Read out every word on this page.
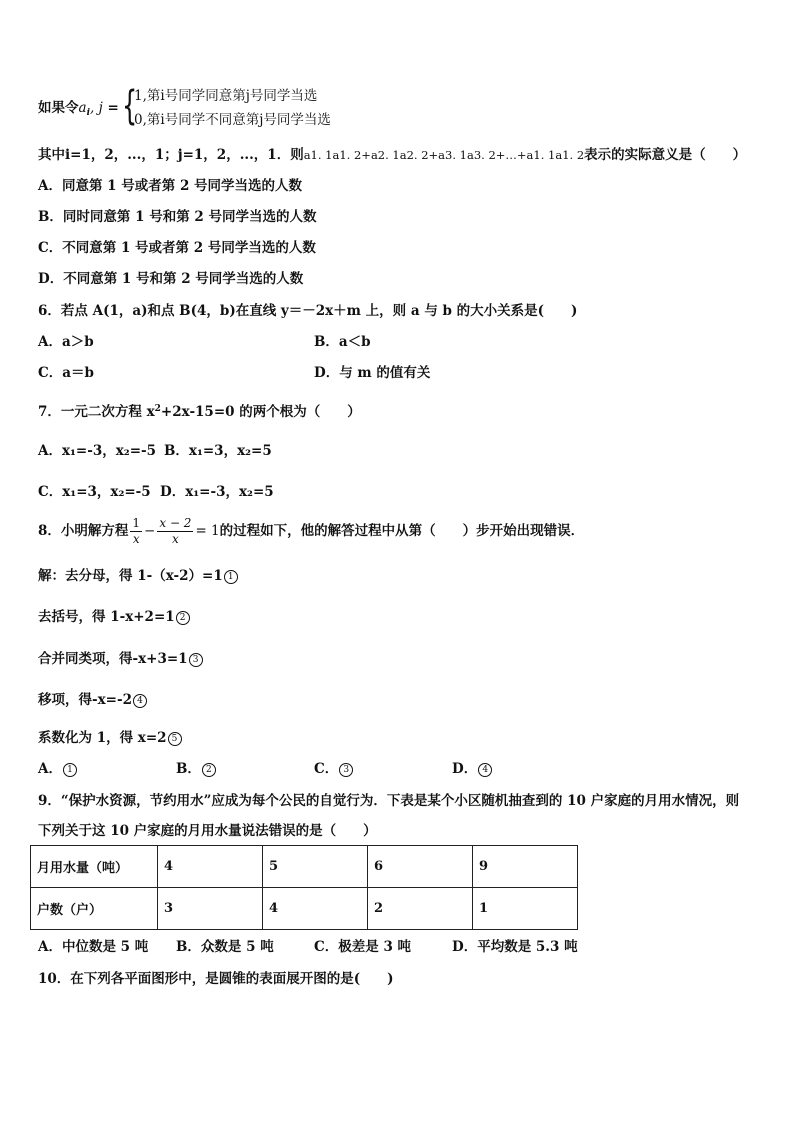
如果令$a_i$, j = {
1,第i号同学同意第j号同学当选
0,第i号同学不同意第j号同学当选
其中i=1，2，...，1；j=1，2，...，1．则a1. 1a1. 2+a2. 1a2. 2+a3. 1a3. 2+…+a1. 1a1. 2表示的实际意义是（　　）
A．同意第 1 号或者第 2 号同学当选的人数
B．同时同意第 1 号和第 2 号同学当选的人数
C．不同意第 1 号或者第 2 号同学当选的人数
D．不同意第 1 号和第 2 号同学当选的人数
6．若点 A(1，a)和点 B(4，b)在直线 y＝－2x＋m 上，则 a 与 b 的大小关系是(　　)
A．a＞b	B．a＜b
C．a＝b	D．与 m 的值有关
7．一元二次方程 $x^2+2x-15=0$ 的两个根为（　　）
A．x₁=-3，x₂=-5 B．x₁=3，x₂=5
C．x₁=3，x₂=-5 D．x₁=-3，x₂=5
8．小明解方程 $\frac{1}{x} - \frac{x - 2}{x} = 1$的过程如下，他的解答过程中从第（　　）步开始出现错误．
解：去分母，得 1-（x-2）=1 1
去括号，得 1-x+2=1 2
合并同类项，得-x+3=1 3
移项，得-x=-2 4
系数化为 1，得 x=2 5
A． 1	B． 2	C． 3	D． 4
9．“保护水资源，节约用水”应成为每个公民的自觉行为．下表是某个小区随机抽查到的 10 户家庭的月用水情况，则
下列关于这 10 户家庭的月用水量说法错误的是（　　）
月用水量（吨）	4	5	6	9
户数（户）	3	4	2	1
A．中位数是 5 吨 B．众数是 5 吨	C．极差是 3 吨	D．平均数是 5.3 吨
10．在下列各平面图形中，是圆锥的表面展开图的是(　　)
